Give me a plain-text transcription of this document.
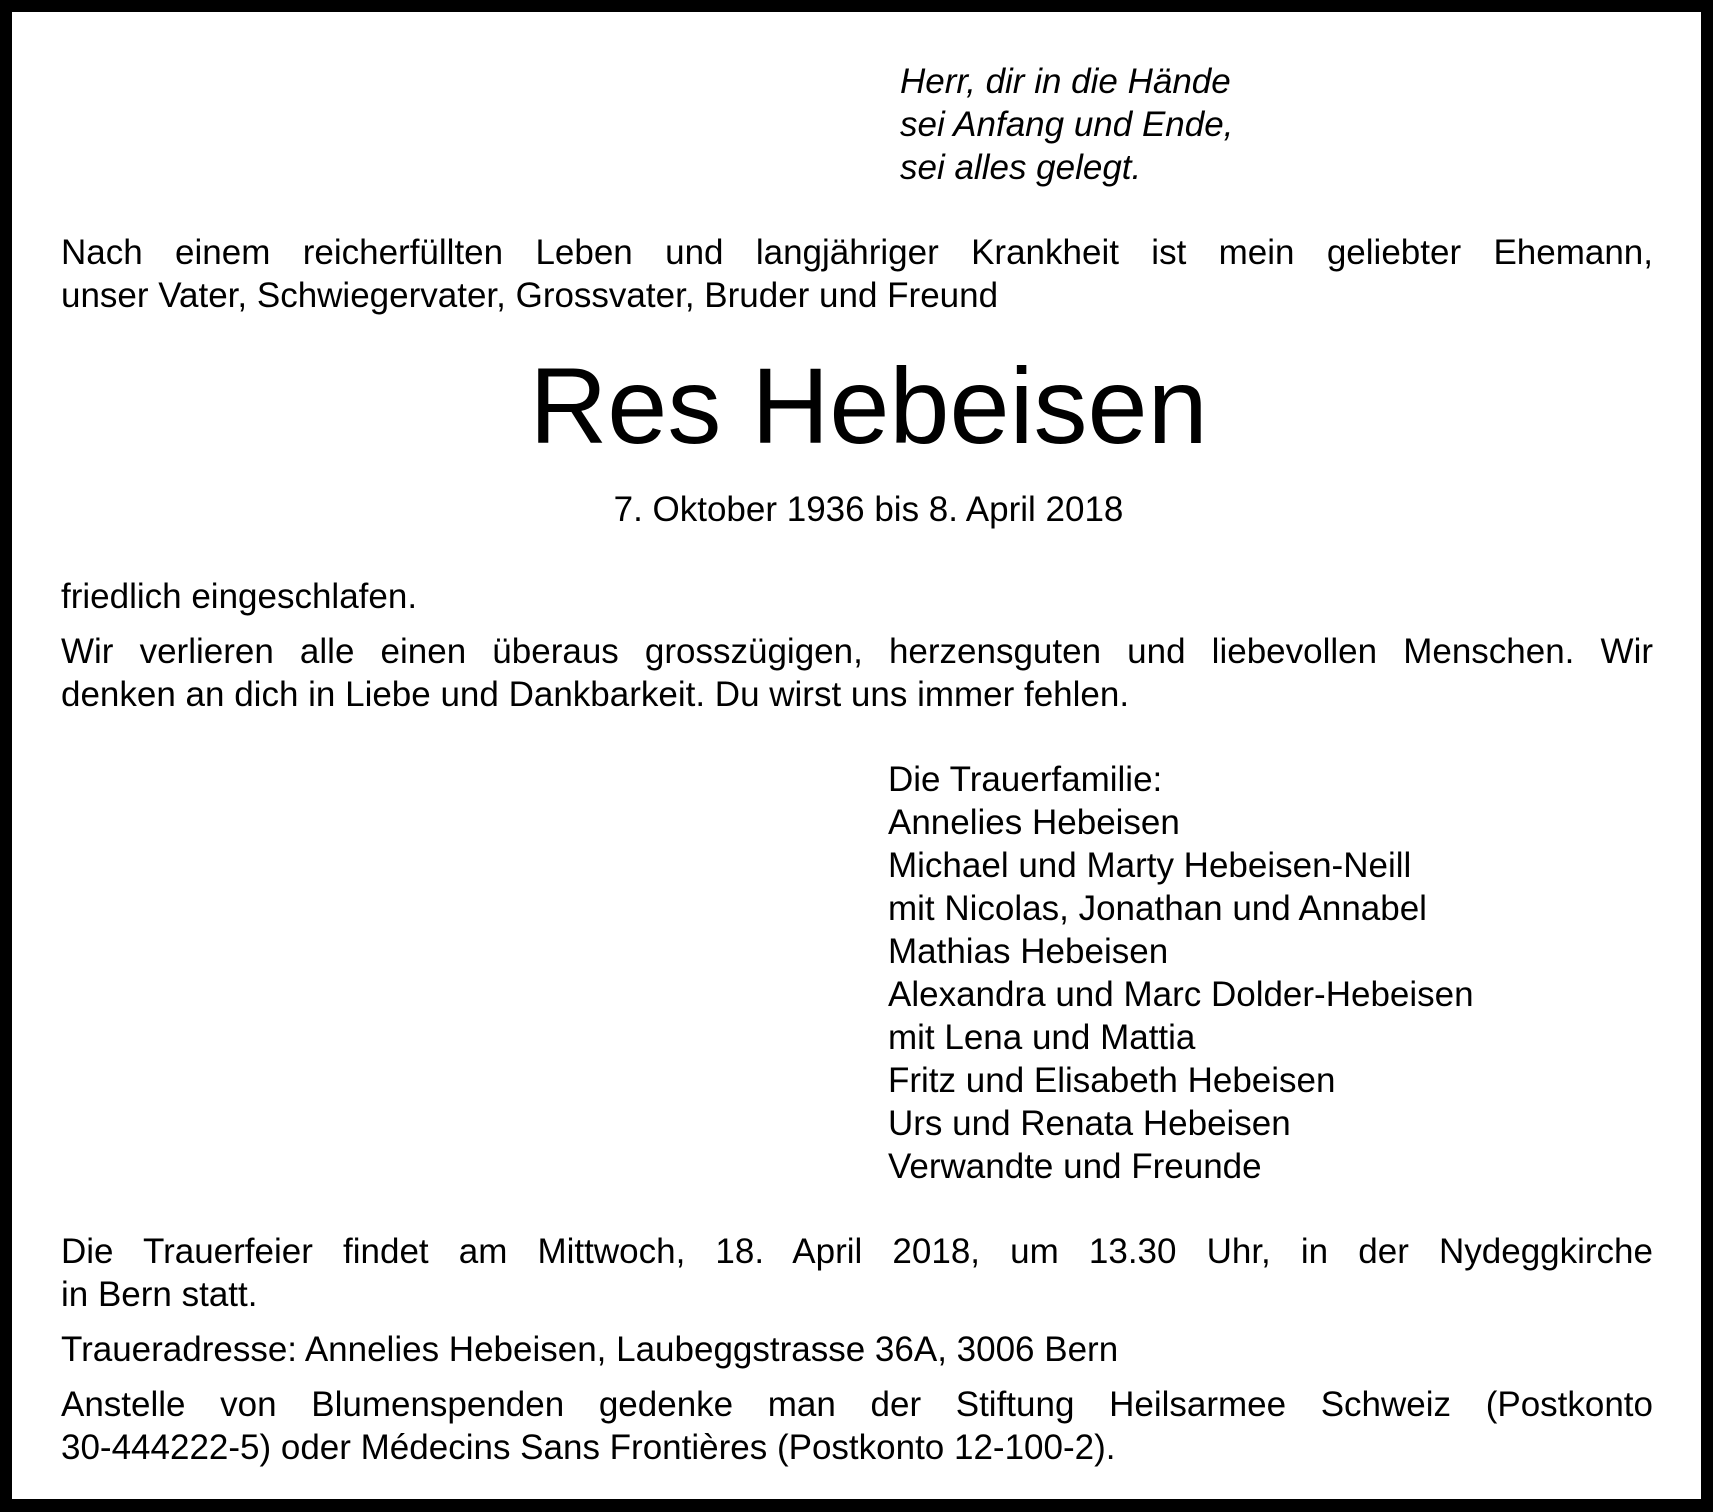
Herr, dir in die Hände
sei Anfang und Ende,
sei alles gelegt.
Nach einem reicherfüllten Leben und langjähriger Krankheit ist mein geliebter Ehemann,
unser Vater, Schwiegervater, Grossvater, Bruder und Freund
Res Hebeisen
7. Oktober 1936 bis 8. April 2018
friedlich eingeschlafen.
Wir verlieren alle einen überaus grosszügigen, herzensguten und liebevollen Menschen. Wir
denken an dich in Liebe und Dankbarkeit. Du wirst uns immer fehlen.
Die Trauerfamilie:
Annelies Hebeisen
Michael und Marty Hebeisen-Neill
mit Nicolas, Jonathan und Annabel
Mathias Hebeisen
Alexandra und Marc Dolder-Hebeisen
mit Lena und Mattia
Fritz und Elisabeth Hebeisen
Urs und Renata Hebeisen
Verwandte und Freunde
Die Trauerfeier findet am Mittwoch, 18. April 2018, um 13.30 Uhr, in der Nydeggkirche
in Bern statt.
Traueradresse: Annelies Hebeisen, Laubeggstrasse 36A, 3006 Bern
Anstelle von Blumenspenden gedenke man der Stiftung Heilsarmee Schweiz (Postkonto
30-444222-5) oder Médecins Sans Frontières (Postkonto 12-100-2).
